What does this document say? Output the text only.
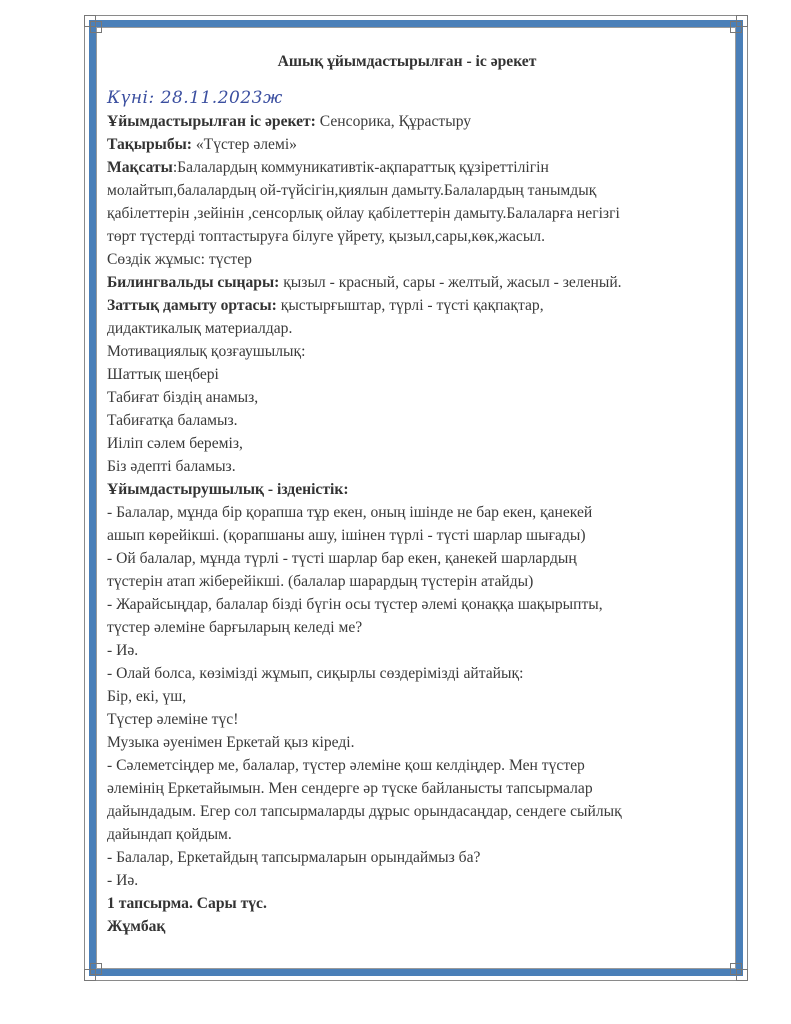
Ашық ұйымдастырылған - іс әрекет
Күні: 28.11.2023ж
Ұйымдастырылған іс әрекет: Сенсорика, Құрастыру
Тақырыбы: «Түстер әлемі»
Мақсаты:Балалардың коммуникативтік-ақпараттық құзіреттілігін
молайтып,балалардың ой-түйсігін,қиялын дамыту.Балалардың танымдық
қабілеттерін ,зейінін ,сенсорлық ойлау қабілеттерін дамыту.Балаларға негізгі
төрт түстерді топтастыруға білуге үйрету, қызыл,сары,көк,жасыл.
Сөздік жұмыс: түстер
Билингвальды сыңары: қызыл - красный, сары - желтый, жасыл - зеленый.
Заттық дамыту ортасы: қыстырғыштар, түрлі - түсті қақпақтар,
дидактикалық материалдар.
Мотивациялық қозғаушылық:
Шаттық шеңбері
Табиғат біздің анамыз,
Табиғатқа баламыз.
Иіліп сәлем береміз,
Біз әдепті баламыз.
Ұйымдастырушылық - ізденістік:
- Балалар, мұнда бір қорапша тұр екен, оның ішінде не бар екен, қанекей
ашып көрейікші. (қорапшаны ашу, ішінен түрлі - түсті шарлар шығады)
- Ой балалар, мұнда түрлі - түсті шарлар бар екен, қанекей шарлардың
түстерін атап жіберейікші. (балалар шарардың түстерін атайды)
- Жарайсыңдар, балалар бізді бүгін осы түстер әлемі қонаққа шақырыпты,
түстер әлеміне барғыларың келеді ме?
- Иә.
- Олай болса, көзімізді жұмып, сиқырлы сөздерімізді айтайық:
Бір, екі, үш,
Түстер әлеміне түс!
Музыка әуенімен Еркетай қыз кіреді.
- Сәлеметсіңдер ме, балалар, түстер әлеміне қош келдіңдер. Мен түстер
әлемінің Еркетайымын. Мен сендерге әр түске байланысты тапсырмалар
дайындадым. Егер сол тапсырмаларды дұрыс орындасаңдар, сендеге сыйлық
дайындап қойдым.
- Балалар, Еркетайдың тапсырмаларын орындаймыз ба?
- Иә.
1 тапсырма. Сары түс.
Жұмбақ
